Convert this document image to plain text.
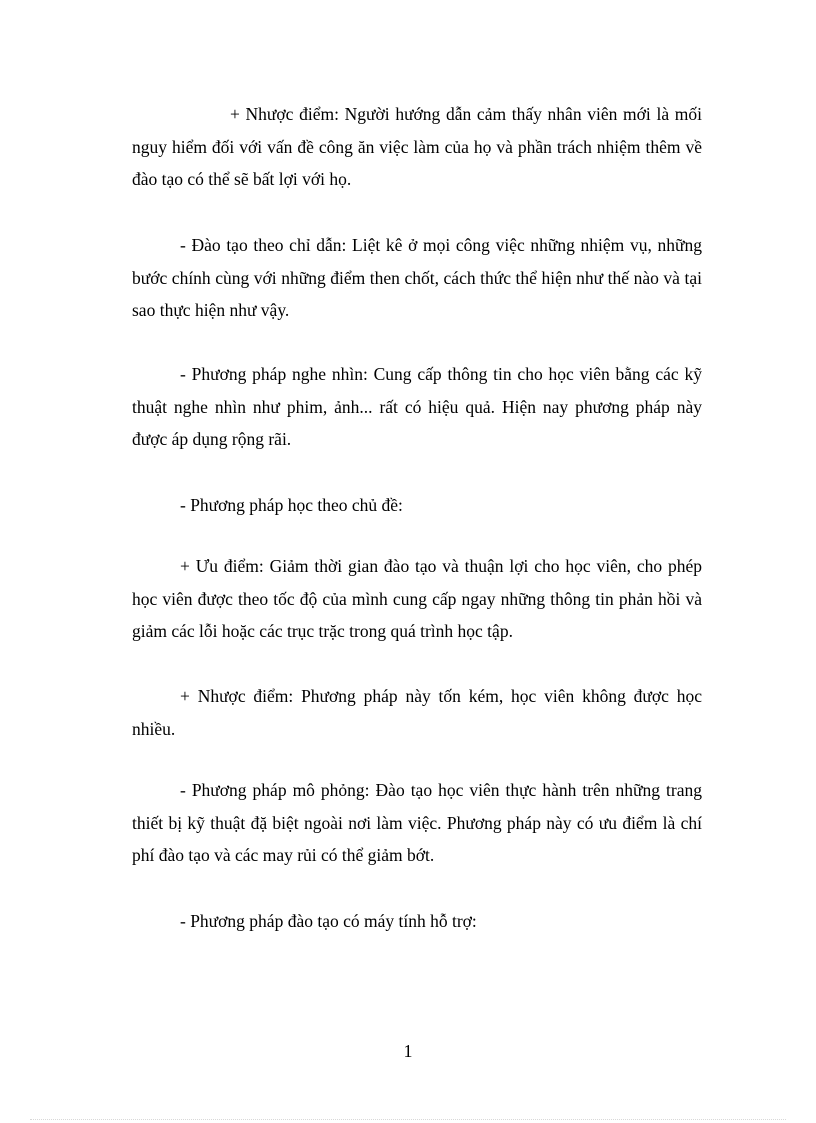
+ Nhược điểm: Người hướng dẫn cảm thấy nhân viên mới là mối nguy hiểm đối với vấn đề công ăn việc làm của họ và phần trách nhiệm thêm về đào tạo có thể sẽ bất lợi với họ.

- Đào tạo theo chỉ dẫn: Liệt kê ở mọi công việc những nhiệm vụ, những bước chính cùng với những điểm then chốt, cách thức thể hiện như thế nào và tại sao thực hiện như vậy.

- Phương pháp nghe nhìn: Cung cấp thông tin cho học viên bằng các kỹ thuật nghe nhìn như phim, ảnh... rất có hiệu quả. Hiện nay phương pháp này được áp dụng rộng rãi.

- Phương pháp học theo chủ đề:

+ Ưu điểm: Giảm thời gian đào tạo và thuận lợi cho học viên, cho phép học viên được theo tốc độ của mình cung cấp ngay những thông tin phản hồi và giảm các lỗi hoặc các trục trặc trong quá trình học tập.

+ Nhược điểm: Phương pháp này tốn kém, học viên không được học nhiều.

- Phương pháp mô phỏng: Đào tạo học viên thực hành trên những trang thiết bị kỹ thuật đặ biệt ngoài nơi làm việc. Phương pháp này có ưu điểm là chí phí đào tạo và các may rủi có thể giảm bớt.

- Phương pháp đào tạo có máy tính hỗ trợ:

1
